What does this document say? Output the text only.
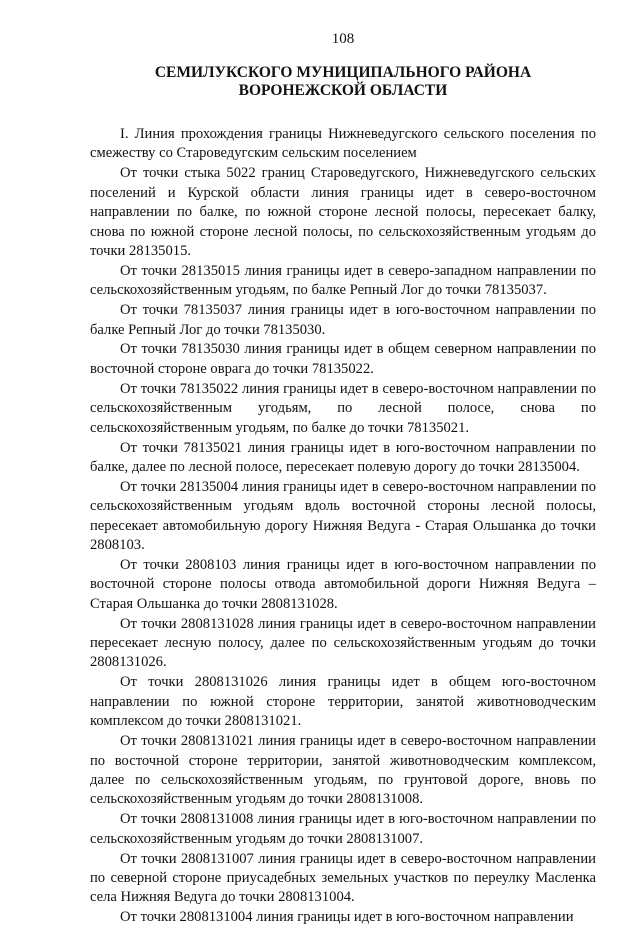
108
СЕМИЛУКСКОГО МУНИЦИПАЛЬНОГО РАЙОНА
ВОРОНЕЖСКОЙ ОБЛАСТИ

I. Линия прохождения границы Нижневедугского сельского поселения по смежеству со Староведугским сельским поселением

От точки стыка 5022 границ Староведугского, Нижневедугского сельских поселений и Курской области линия границы идет в северо-восточном направлении по балке, по южной стороне лесной полосы, пересекает балку, снова по южной стороне лесной полосы, по сельскохозяйственным угодьям до точки 28135015.

От точки 28135015 линия границы идет в северо-западном направлении по сельскохозяйственным угодьям, по балке Репный Лог до точки 78135037.

От точки 78135037 линия границы идет в юго-восточном направлении по балке Репный Лог до точки 78135030.

От точки 78135030 линия границы идет в общем северном направлении по восточной стороне оврага до точки 78135022.

От точки 78135022 линия границы идет в северо-восточном направлении по сельскохозяйственным угодьям, по лесной полосе, снова по сельскохозяйственным угодьям, по балке до точки 78135021.

От точки 78135021 линия границы идет в юго-восточном направлении по балке, далее по лесной полосе, пересекает полевую дорогу до точки 28135004.

От точки 28135004 линия границы идет в северо-восточном направлении по сельскохозяйственным угодьям вдоль восточной стороны лесной полосы, пересекает автомобильную дорогу Нижняя Ведуга - Старая Ольшанка до точки 2808103.

От точки 2808103 линия границы идет в юго-восточном направлении по восточной стороне полосы отвода автомобильной дороги Нижняя Ведуга – Старая Ольшанка до точки 2808131028.

От точки 2808131028 линия границы идет в северо-восточном направлении пересекает лесную полосу, далее по сельскохозяйственным угодьям до точки 2808131026.

От точки 2808131026 линия границы идет в общем юго-восточном направлении по южной стороне территории, занятой животноводческим комплексом до точки 2808131021.

От точки 2808131021 линия границы идет в северо-восточном направлении по восточной стороне территории, занятой животноводческим комплексом, далее по сельскохозяйственным угодьям, по грунтовой дороге, вновь по сельскохозяйственным угодьям до точки 2808131008.

От точки 2808131008 линия границы идет в юго-восточном направлении по сельскохозяйственным угодьям до точки 2808131007.

От точки 2808131007 линия границы идет в северо-восточном направлении по северной стороне приусадебных земельных участков по переулку Масленка села Нижняя Ведуга до точки 2808131004.

От точки 2808131004 линия границы идет в юго-восточном направлении
